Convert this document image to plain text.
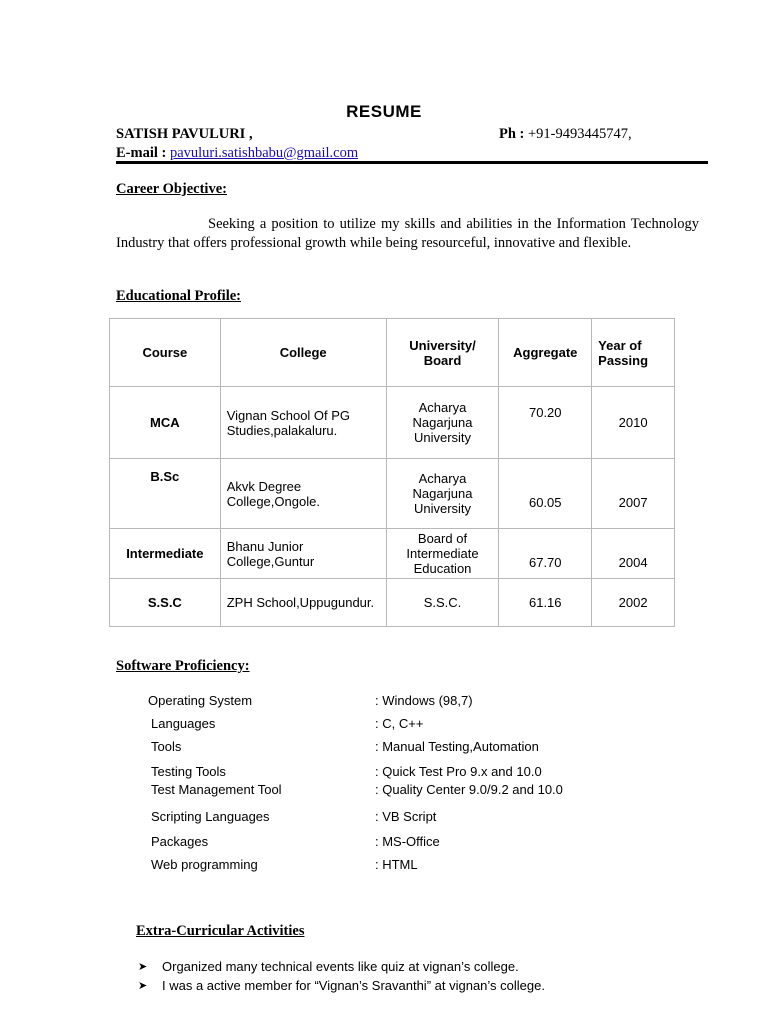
RESUME
SATISH PAVULURI ,	Ph : +91-9493445747,
E-mail : pavuluri.satishbabu@gmail.com
Career Objective:
Seeking a position to utilize my skills and abilities in the Information Technology Industry that offers professional growth while being resourceful, innovative and flexible.
Educational Profile:
Course	College	University/ Board	Aggregate	Year of Passing
MCA	Vignan School Of PG Studies,palakaluru.	Acharya Nagarjuna University	70.20	2010
B.Sc	Akvk Degree College,Ongole.	Acharya Nagarjuna University	60.05	2007
Intermediate	Bhanu Junior College,Guntur	Board of Intermediate Education	67.70	2004
S.S.C	ZPH School,Uppugundur.	S.S.C.	61.16	2002
Software Proficiency:
Operating System	: Windows (98,7)
Languages	: C, C++
Tools	: Manual Testing,Automation
Testing Tools	: Quick Test Pro 9.x and 10.0
Test Management Tool	: Quality Center 9.0/9.2 and 10.0
Scripting Languages	: VB Script
Packages	: MS-Office
Web programming	: HTML
Extra-Curricular Activities
➤	Organized many technical events like quiz at vignan’s college.
➤	I was a active member for “Vignan’s Sravanthi” at vignan’s college.
